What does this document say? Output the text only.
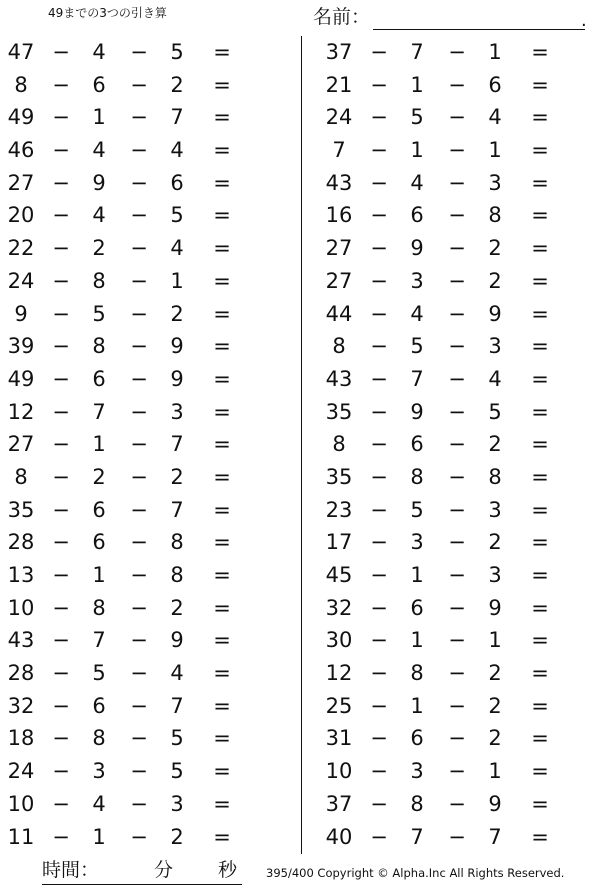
49までの3つの引き算	名前：	.
47 − 4 − 5 =
8	− 6 − 2 =
49 − 1 − 7 =
46 − 4 − 4 =
27 − 9 − 6 =
20 − 4 − 5 =
22 − 2 − 4 =
24 − 8 − 1 =
9	− 5 − 2 =
39 − 8 − 9 =
49 − 6 − 9 =
12 − 7 − 3 =
27 − 1 − 7 =
8	− 2 − 2 =
35 − 6 − 7 =
28 − 6 − 8 =
13 − 1 − 8 =
10 − 8 − 2 =
43 − 7 − 9 =
28 − 5 − 4 =
32 − 6 − 7 =
18 − 8 − 5 =
24 − 3 − 5 =
10 − 4 − 3 =
11 − 1 − 2 =
37 − 7 − 1 =
21 − 1 − 6 =
24 − 5 − 4 =
7	− 1 − 1 =
43 − 4 − 3 =
16 − 6 − 8 =
27 − 9 − 2 =
27 − 3 − 2 =
44 − 4 − 9 =
8	− 5 − 3 =
43 − 7 − 4 =
35 − 9 − 5 =
8	− 6 − 2 =
35 − 8 − 8 =
23 − 5 − 3 =
17 − 3 − 2 =
45 − 1 − 3 =
32 − 6 − 9 =
30 − 1 − 1 =
12 − 8 − 2 =
25 − 1 − 2 =
31 − 6 − 2 =
10 − 3 − 1 =
37 − 8 − 9 =
40 − 7 − 7 =
時間：	分 秒	395/400 Copyright © Alpha.Inc All Rights Reserved.
